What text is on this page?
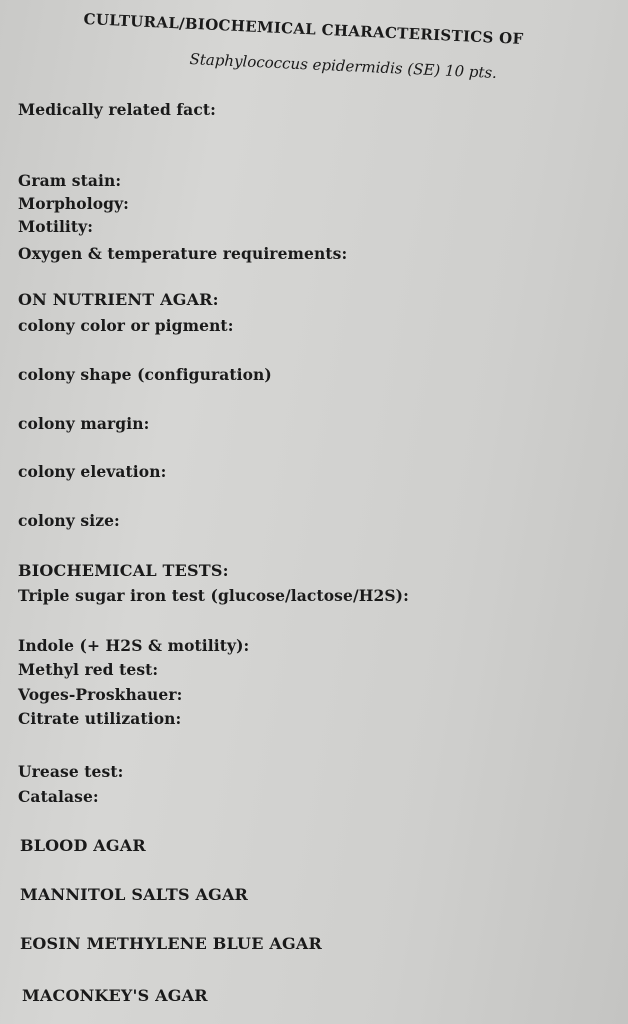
CULTURAL/BIOCHEMICAL CHARACTERISTICS OF
Staphylococcus epidermidis (SE) 10 pts.
Medically related fact:
Gram stain:
Morphology:
Motility:
Oxygen & temperature requirements:
ON NUTRIENT AGAR:
colony color or pigment:
colony shape (configuration)
colony margin:
colony elevation:
colony size:
BIOCHEMICAL TESTS:
Triple sugar iron test (glucose/lactose/H2S):
Indole (+ H2S & motility):
Methyl red test:
Voges-Proskhauer:
Citrate utilization:
Urease test:
Catalase:
BLOOD AGAR
MANNITOL SALTS AGAR
EOSIN METHYLENE BLUE AGAR
MACONKEY'S AGAR
